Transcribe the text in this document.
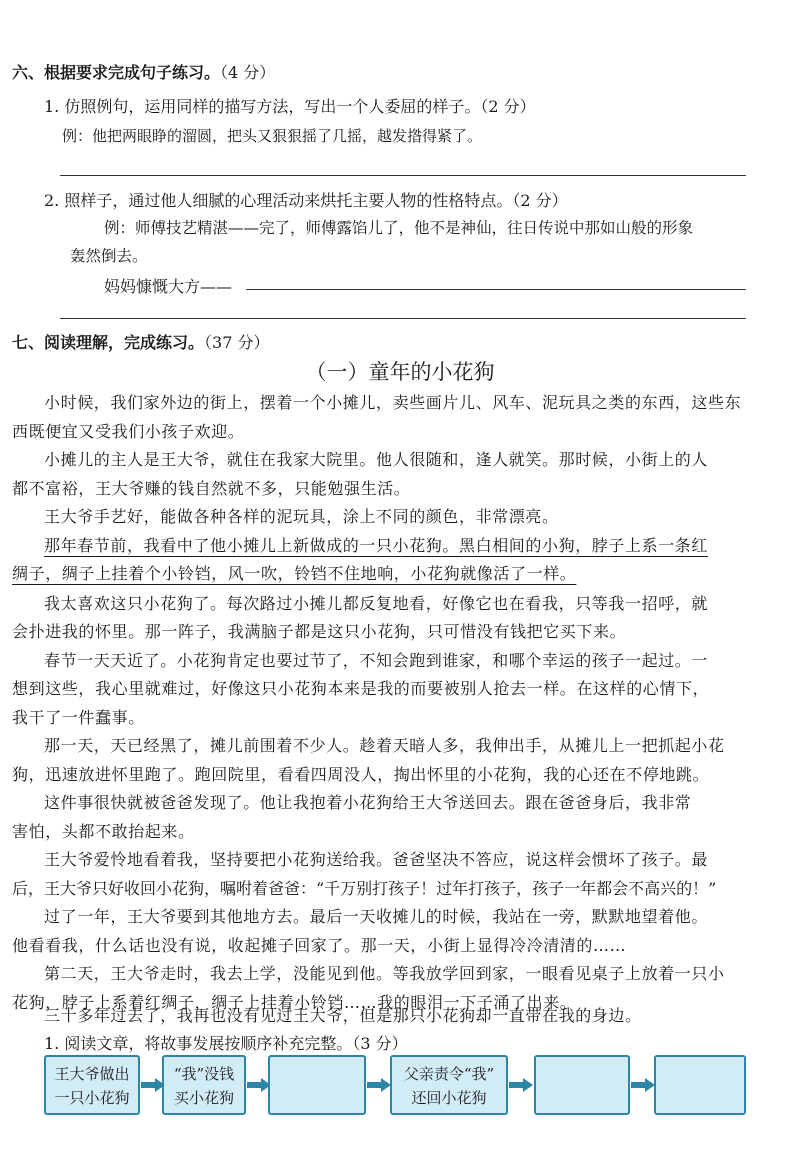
六、根据要求完成句子练习。（4 分）
1. 仿照例句，运用同样的描写方法，写出一个人委屈的样子。（2 分）
例：他把两眼睁的溜圆，把头又狠狠摇了几摇，越发揝得紧了。
2. 照样子，通过他人细腻的心理活动来烘托主要人物的性格特点。（2 分）
例：师傅技艺精湛——完了，师傅露馅儿了，他不是神仙，往日传说中那如山般的形象
轰然倒去。
妈妈慷慨大方——
七、阅读理解，完成练习。（37 分）
（一）童年的小花狗
小时候，我们家外边的街上，摆着一个小摊儿，卖些画片儿、风车、泥玩具之类的东西，这些东
西既便宜又受我们小孩子欢迎。
小摊儿的主人是王大爷，就住在我家大院里。他人很随和，逢人就笑。那时候，小街上的人
都不富裕，王大爷赚的钱自然就不多，只能勉强生活。
王大爷手艺好，能做各种各样的泥玩具，涂上不同的颜色，非常漂亮。
那年春节前，我看中了他小摊儿上新做成的一只小花狗。黑白相间的小狗，脖子上系一条红
绸子，绸子上挂着个小铃铛，风一吹，铃铛不住地响，小花狗就像活了一样。
我太喜欢这只小花狗了。每次路过小摊儿都反复地看，好像它也在看我，只等我一招呼，就
会扑进我的怀里。那一阵子，我满脑子都是这只小花狗，只可惜没有钱把它买下来。
春节一天天近了。小花狗肯定也要过节了，不知会跑到谁家，和哪个幸运的孩子一起过。一
想到这些，我心里就难过，好像这只小花狗本来是我的而要被别人抢去一样。在这样的心情下，
我干了一件蠢事。
那一天，天已经黑了，摊儿前围着不少人。趁着天暗人多，我伸出手，从摊儿上一把抓起小花
狗，迅速放进怀里跑了。跑回院里，看看四周没人，掏出怀里的小花狗，我的心还在不停地跳。
这件事很快就被爸爸发现了。他让我抱着小花狗给王大爷送回去。跟在爸爸身后，我非常
害怕，头都不敢抬起来。
王大爷爱怜地看着我，坚持要把小花狗送给我。爸爸坚决不答应，说这样会惯坏了孩子。最
后，王大爷只好收回小花狗，嘱咐着爸爸：“千万别打孩子！过年打孩子，孩子一年都会不高兴的！”
过了一年，王大爷要到其他地方去。最后一天收摊儿的时候，我站在一旁，默默地望着他。
他看看我，什么话也没有说，收起摊子回家了。那一天，小街上显得冷冷清清的……
第二天，王大爷走时，我去上学，没能见到他。等我放学回到家，一眼看见桌子上放着一只小
花狗，脖子上系着红绸子，绸子上挂着小铃铛……我的眼泪一下子涌了出来。
三十多年过去了，我再也没有见过王大爷，但是那只小花狗却一直带在我的身边。
1. 阅读文章，将故事发展按顺序补充完整。（3 分）
王大爷做出
一只小花狗
“我”没钱
买小花狗
父亲责令“我”
还回小花狗
